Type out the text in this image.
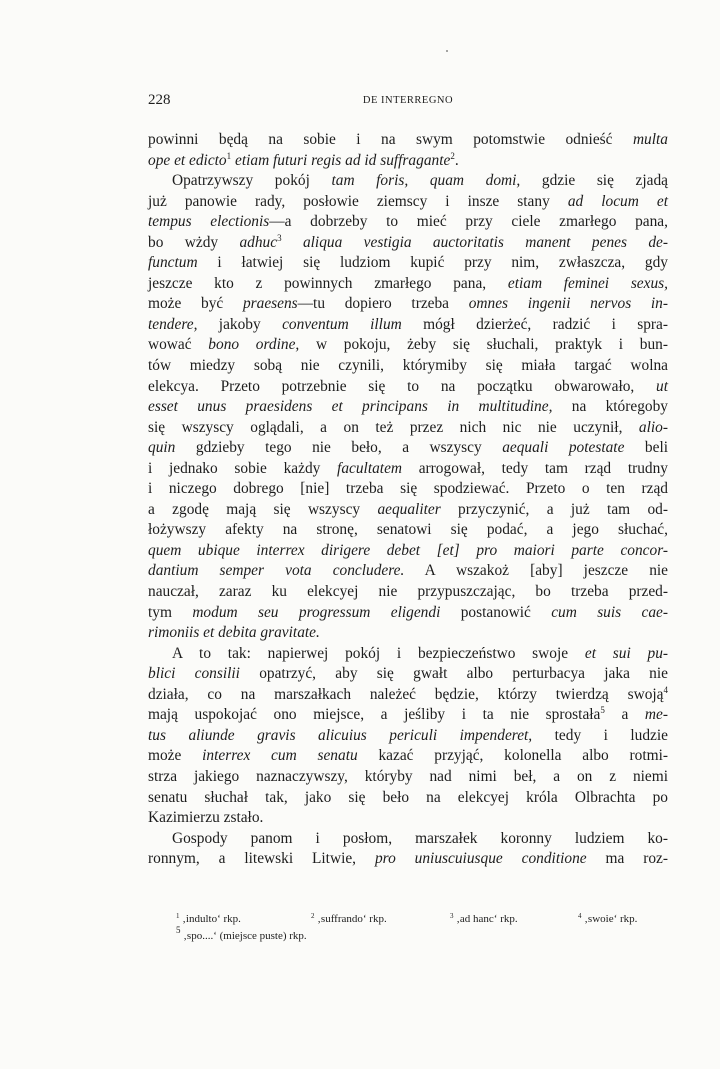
228	DE INTERREGNO
powinni będą na sobie i na swym potomstwie odnieść multa
ope et edicto$^1$ etiam futuri regis ad id suffragante$^2$.
Opatrzywszy pokój tam foris, quam domi, gdzie się zjadą
już panowie rady, posłowie ziemscy i insze stany ad locum et
tempus electionis—a dobrzeby to mieć przy ciele zmarłego pana,
bo wżdy adhuc$^3$ aliqua vestigia auctoritatis manent penes de-
functum i łatwiej się ludziom kupić przy nim, zwłaszcza, gdy
jeszcze kto z powinnych zmarłego pana, etiam feminei sexus,
może być praesens—tu dopiero trzeba omnes ingenii nervos in-
tendere, jakoby conventum illum mógł dzierżeć, radzić i spra-
wować bono ordine, w pokoju, żeby się słuchali, praktyk i bun-
tów miedzy sobą nie czynili, którymiby się miała targać wolna
elekcya. Przeto potrzebnie się to na początku obwarowało, ut
esset unus praesidens et principans in multitudine, na któregoby
się wszyscy oglądali, a on też przez nich nic nie uczynił, alio-
quin gdzieby tego nie beło, a wszyscy aequali potestate beli
i jednako sobie każdy facultatem arrogował, tedy tam rząd trudny
i niczego dobrego [nie] trzeba się spodziewać. Przeto o ten rząd
a zgodę mają się wszyscy aequaliter przyczynić, a już tam od-
łożywszy afekty na stronę, senatowi się podać, a jego słuchać,
quem ubique interrex dirigere debet [et] pro maiori parte concor-
dantium semper vota concludere. A wszakoż [aby] jeszcze nie
nauczał, zaraz ku elekcyej nie przypuszczając, bo trzeba przed-
tym modum seu progressum eligendi postanowić cum suis cae-
rimoniis et debita gravitate.
A to tak: napierwej pokój i bezpieczeństwo swoje et sui pu-
blici consilii opatrzyć, aby się gwałt albo perturbacya jaka nie
działa, co na marszałkach należeć będzie, którzy twierdzą swoją$^4$
mają uspokojać ono miejsce, a jeśliby i ta nie sprostała$^5$ a me-
tus aliunde gravis alicuius periculi impenderet, tedy i ludzie
może interrex cum senatu kazać przyjąć, kolonella albo rotmi-
strza jakiego naznaczywszy, któryby nad nimi beł, a on z niemi
senatu słuchał tak, jako się beło na elekcyej króla Olbrachta po
Kazimierzu zstało.
Gospody panom i posłom, marszałek koronny ludziem ko-
ronnym, a litewski Litwie, pro uniuscuiusque conditione ma roz-
$^1$ ‚indulto‘ rkp.	$^2$ ‚suffrando‘ rkp.	$^3$ ‚ad hanc‘ rkp.	$^4$ ‚swoie‘ rkp.
$^5$ ‚spo....‘ (miejsce puste) rkp.
